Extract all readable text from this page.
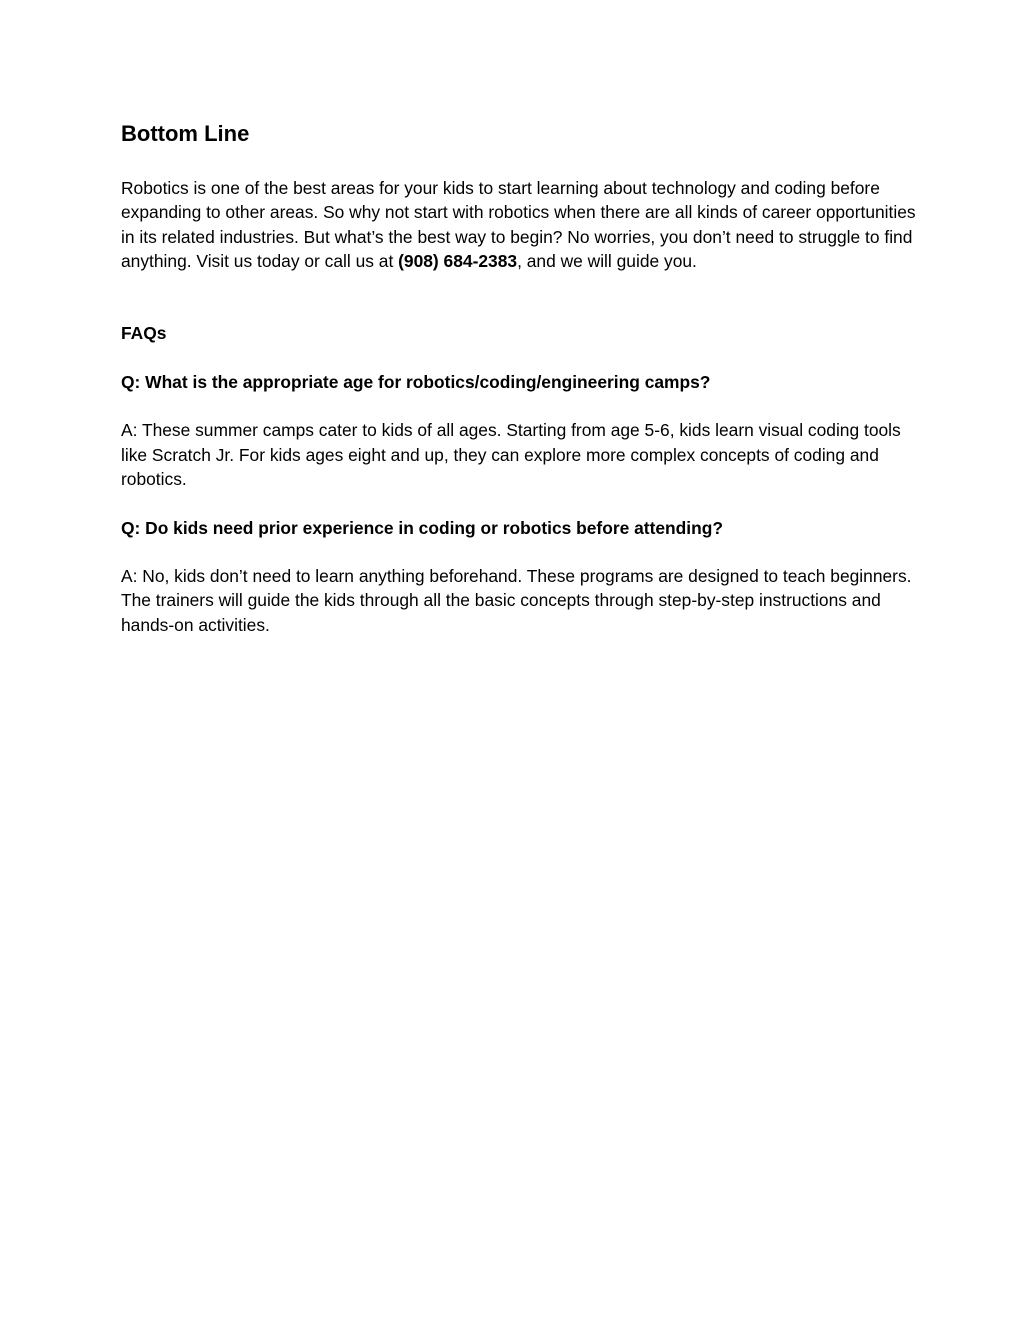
Bottom Line

Robotics is one of the best areas for your kids to start learning about technology and coding before expanding to other areas. So why not start with robotics when there are all kinds of career opportunities in its related industries. But what’s the best way to begin? No worries, you don’t need to struggle to find anything. Visit us today or call us at (908) 684-2383, and we will guide you.

FAQs

Q: What is the appropriate age for robotics/coding/engineering camps?

A: These summer camps cater to kids of all ages. Starting from age 5-6, kids learn visual coding tools like Scratch Jr. For kids ages eight and up, they can explore more complex concepts of coding and robotics.

Q: Do kids need prior experience in coding or robotics before attending?

A: No, kids don’t need to learn anything beforehand. These programs are designed to teach beginners. The trainers will guide the kids through all the basic concepts through step-by-step instructions and hands-on activities.
